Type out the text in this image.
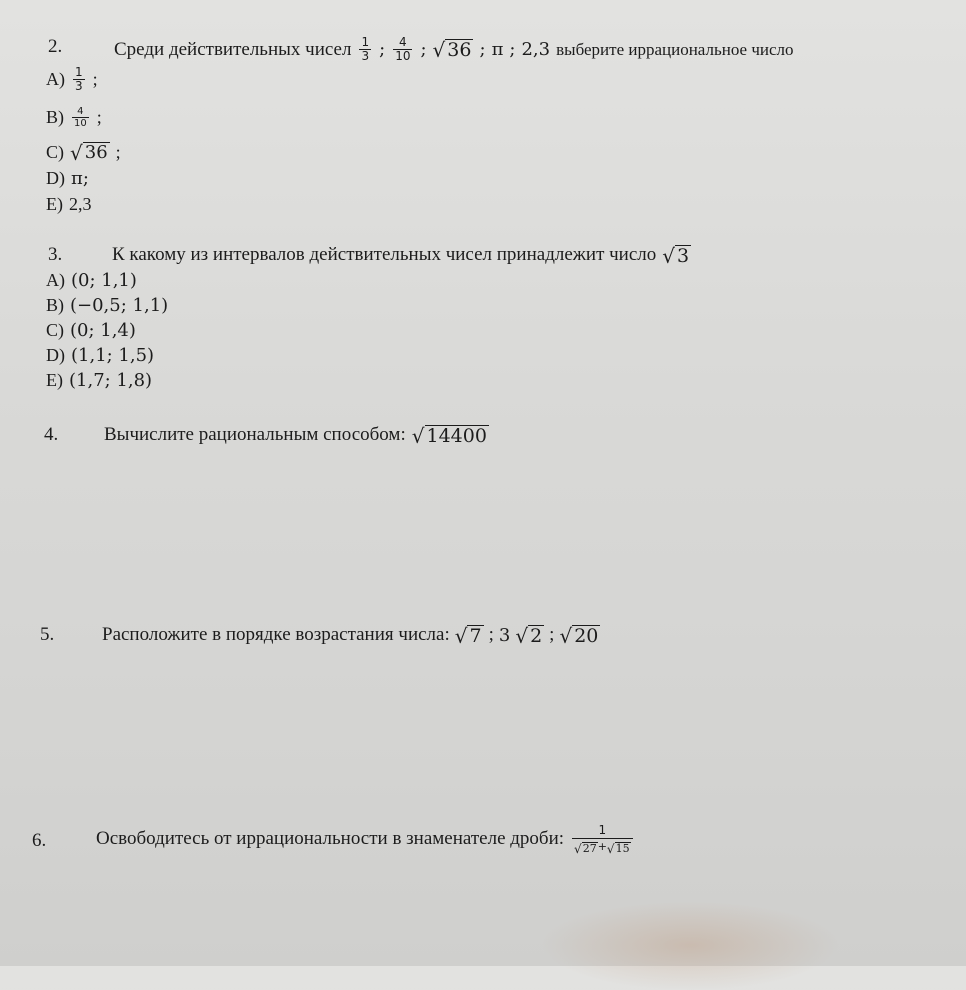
2.	Среди действительных чисел $\frac{1}{3}$ ; $\frac{4}{10}$ ; √ 36 ; π ; 2,3 выберите иррациональное число
$A) \frac{1}{3}$ ;
$B) \frac{4}{10}$ ;
C) √ 36 ;
D) π;
E) 2,3
3.	К какому из интервалов действительных чисел принадлежит число √ 3
A) (0; 1,1)
B) (−0,5; 1,1)
C) (0; 1,4)
D) (1,1; 1,5)
E) (1,7; 1,8)
4. Вычислите рациональным способом: √ 14400
5.	Расположите в порядке возрастания числа: √ 7 ; 3 √ 2 ; √ 20
6.	Освободитесь от иррациональности в знаменателе дроби: $\frac{1}{√ 27 + √ 15}$
